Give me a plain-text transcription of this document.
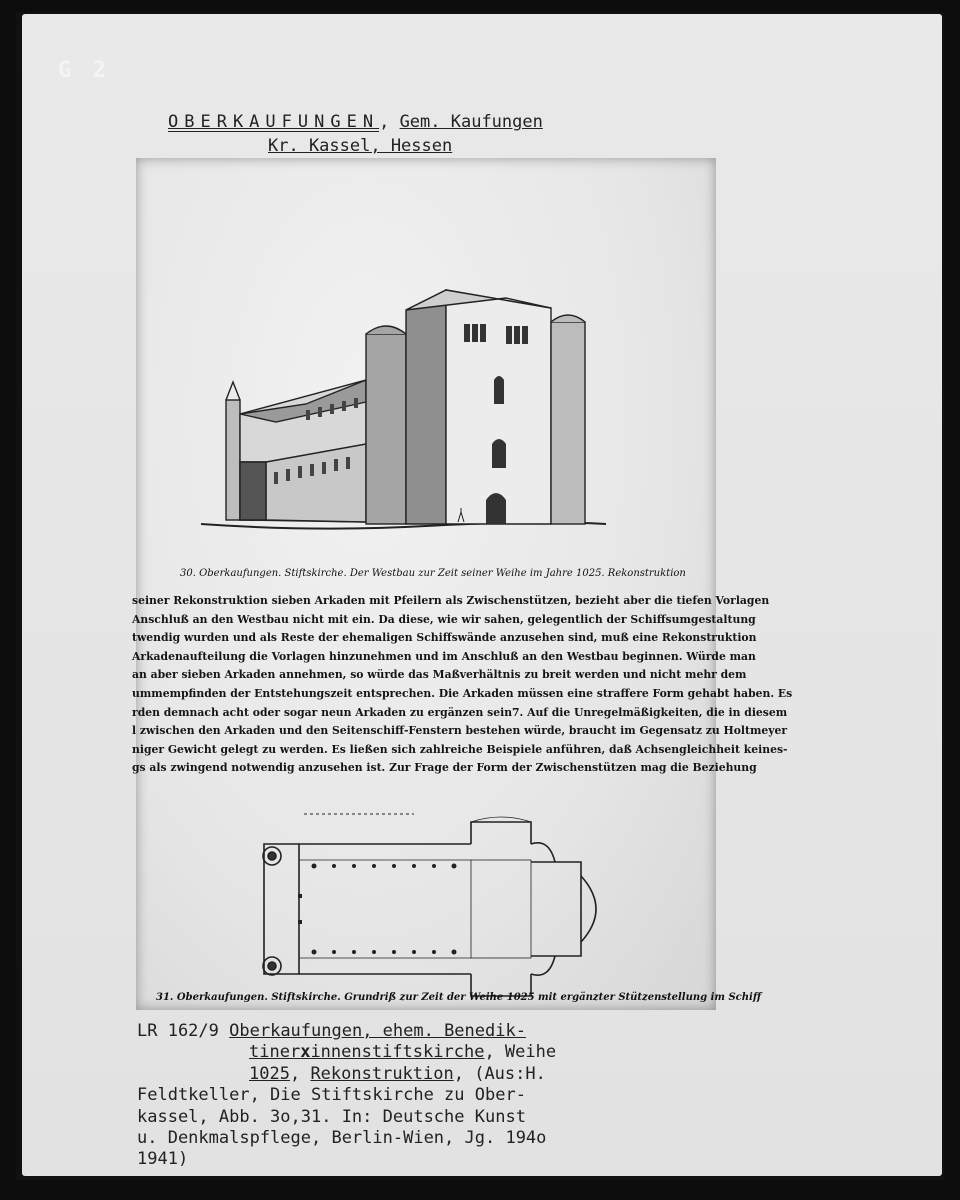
G 2
OBERKAUFUNGEN, Gem. Kaufungen
Kr. Kassel, Hessen
30. Oberkaufungen. Stiftskirche. Der Westbau zur Zeit seiner Weihe im Jahre 1025. Rekonstruktion
seiner Rekonstruktion sieben Arkaden mit Pfeilern als Zwischenstützen, bezieht aber die tiefen Vorlagen
Anschluß an den Westbau nicht mit ein. Da diese, wie wir sahen, gelegentlich der Schiffsumgestaltung
twendig wurden und als Reste der ehemaligen Schiffswände anzusehen sind, muß eine Rekonstruktion
Arkadenaufteilung die Vorlagen hinzunehmen und im Anschluß an den Westbau beginnen. Würde man
an aber sieben Arkaden annehmen, so würde das Maßverhältnis zu breit werden und nicht mehr dem
ummempfinden der Entstehungszeit entsprechen. Die Arkaden müssen eine straffere Form gehabt haben. Es
rden demnach acht oder sogar neun Arkaden zu ergänzen sein7. Auf die Unregelmäßigkeiten, die in diesem
l zwischen den Arkaden und den Seitenschiff-Fenstern bestehen würde, braucht im Gegensatz zu Holtmeyer
niger Gewicht gelegt zu werden. Es ließen sich zahlreiche Beispiele anführen, daß Achsengleichheit keines-
gs als zwingend notwendig anzusehen ist. Zur Frage der Form der Zwischenstützen mag die Beziehung
31. Oberkaufungen. Stiftskirche. Grundriß zur Zeit der Weihe 1025 mit ergänzter Stützenstellung im Schiff
LR 162/9 Oberkaufungen, ehem. Benedik-
tinerxinnenstiftskirche, Weihe
1025, Rekonstruktion, (Aus:H.
Feldtkeller, Die Stiftskirche zu Ober-
kassel, Abb. 3o,31. In: Deutsche Kunst
u. Denkmalspflege, Berlin-Wien, Jg. 194o
1941)
